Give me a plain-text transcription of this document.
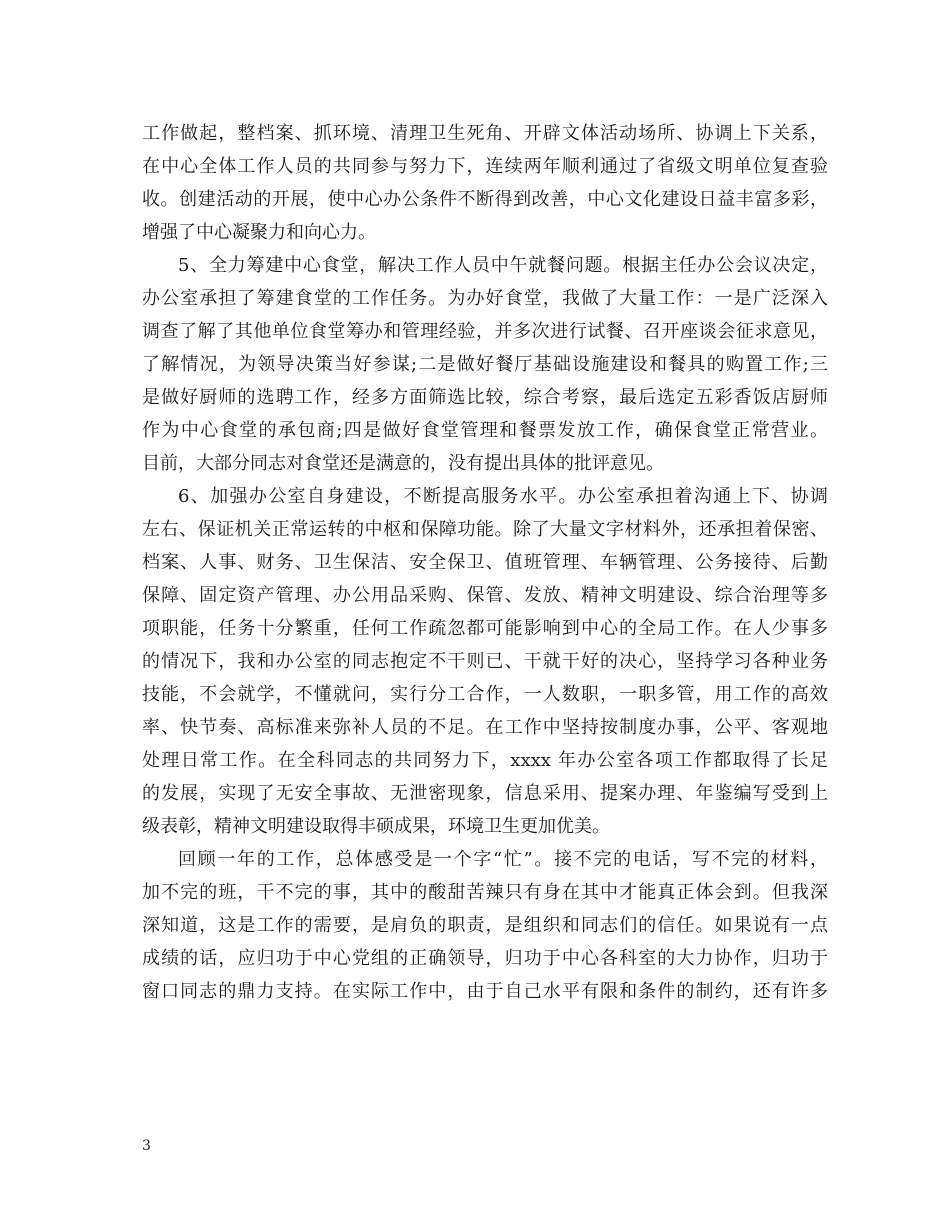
工作做起，整档案、抓环境、清理卫生死角、开辟文体活动场所、协调上下关系，
在中心全体工作人员的共同参与努力下，连续两年顺利通过了省级文明单位复查验
收。创建活动的开展，使中心办公条件不断得到改善，中心文化建设日益丰富多彩，
增强了中心凝聚力和向心力。
5、全力筹建中心食堂，解决工作人员中午就餐问题。根据主任办公会议决定，
办公室承担了筹建食堂的工作任务。为办好食堂，我做了大量工作：一是广泛深入
调查了解了其他单位食堂筹办和管理经验，并多次进行试餐、召开座谈会征求意见，
了解情况，为领导决策当好参谋;二是做好餐厅基础设施建设和餐具的购置工作;三
是做好厨师的选聘工作，经多方面筛选比较，综合考察，最后选定五彩香饭店厨师
作为中心食堂的承包商;四是做好食堂管理和餐票发放工作，确保食堂正常营业。
目前，大部分同志对食堂还是满意的，没有提出具体的批评意见。
6、加强办公室自身建设，不断提高服务水平。办公室承担着沟通上下、协调
左右、保证机关正常运转的中枢和保障功能。除了大量文字材料外，还承担着保密、
档案、人事、财务、卫生保洁、安全保卫、值班管理、车辆管理、公务接待、后勤
保障、固定资产管理、办公用品采购、保管、发放、精神文明建设、综合治理等多
项职能，任务十分繁重，任何工作疏忽都可能影响到中心的全局工作。在人少事多
的情况下，我和办公室的同志抱定不干则已、干就干好的决心，坚持学习各种业务
技能，不会就学，不懂就问，实行分工合作，一人数职，一职多管，用工作的高效
率、快节奏、高标准来弥补人员的不足。在工作中坚持按制度办事，公平、客观地
处理日常工作。在全科同志的共同努力下，xxxx 年办公室各项工作都取得了长足
的发展，实现了无安全事故、无泄密现象，信息采用、提案办理、年鉴编写受到上
级表彰，精神文明建设取得丰硕成果，环境卫生更加优美。
回顾一年的工作，总体感受是一个字“忙”。接不完的电话，写不完的材料，
加不完的班，干不完的事，其中的酸甜苦辣只有身在其中才能真正体会到。但我深
深知道，这是工作的需要，是肩负的职责，是组织和同志们的信任。如果说有一点
成绩的话，应归功于中心党组的正确领导，归功于中心各科室的大力协作，归功于
窗口同志的鼎力支持。在实际工作中，由于自己水平有限和条件的制约，还有许多
3
